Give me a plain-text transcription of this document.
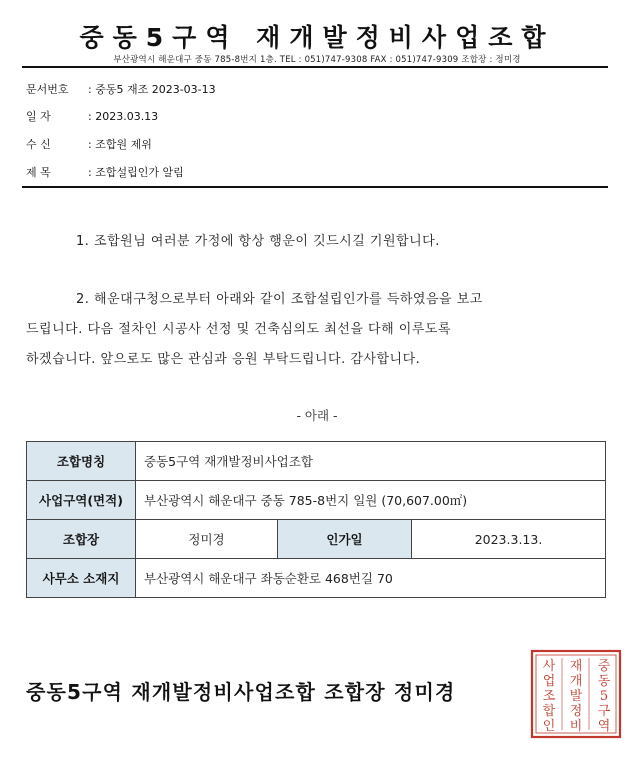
중동5구역 재개발정비사업조합
부산광역시 해운대구 중동 785-8번지 1층. TEL : 051)747-9308 FAX : 051)747-9309 조합장 : 정미경
문서번호 : 중동5 재조 2023-03-13
일 자	: 2023.03.13
수 신	: 조합원 제위
제 목	: 조합설립인가 알림
1. 조합원님 여러분 가정에 항상 행운이 깃드시길 기원합니다.
2. 해운대구청으로부터 아래와 같이 조합설립인가를 득하였음을 보고
드립니다. 다음 절차인 시공사 선정 및 건축심의도 최선을 다해 이루도록
하겠습니다. 앞으로도 많은 관심과 응원 부탁드립니다. 감사합니다.
- 아래 -
조합명칭	중동5구역 재개발정비사업조합		
사업구역(면적)	부산광역시 해운대구 중동 785-8번지 일원 (70,607.00㎡)		
조합장	정미경	인가일	2023.3.13.
사무소 소재지	부산광역시 해운대구 좌동순환로 468번길 70		
중동5구역 재개발정비사업조합 조합장 정미경
중
동
5
구
역
재
개
발
정
비
사
업
조
합
인
